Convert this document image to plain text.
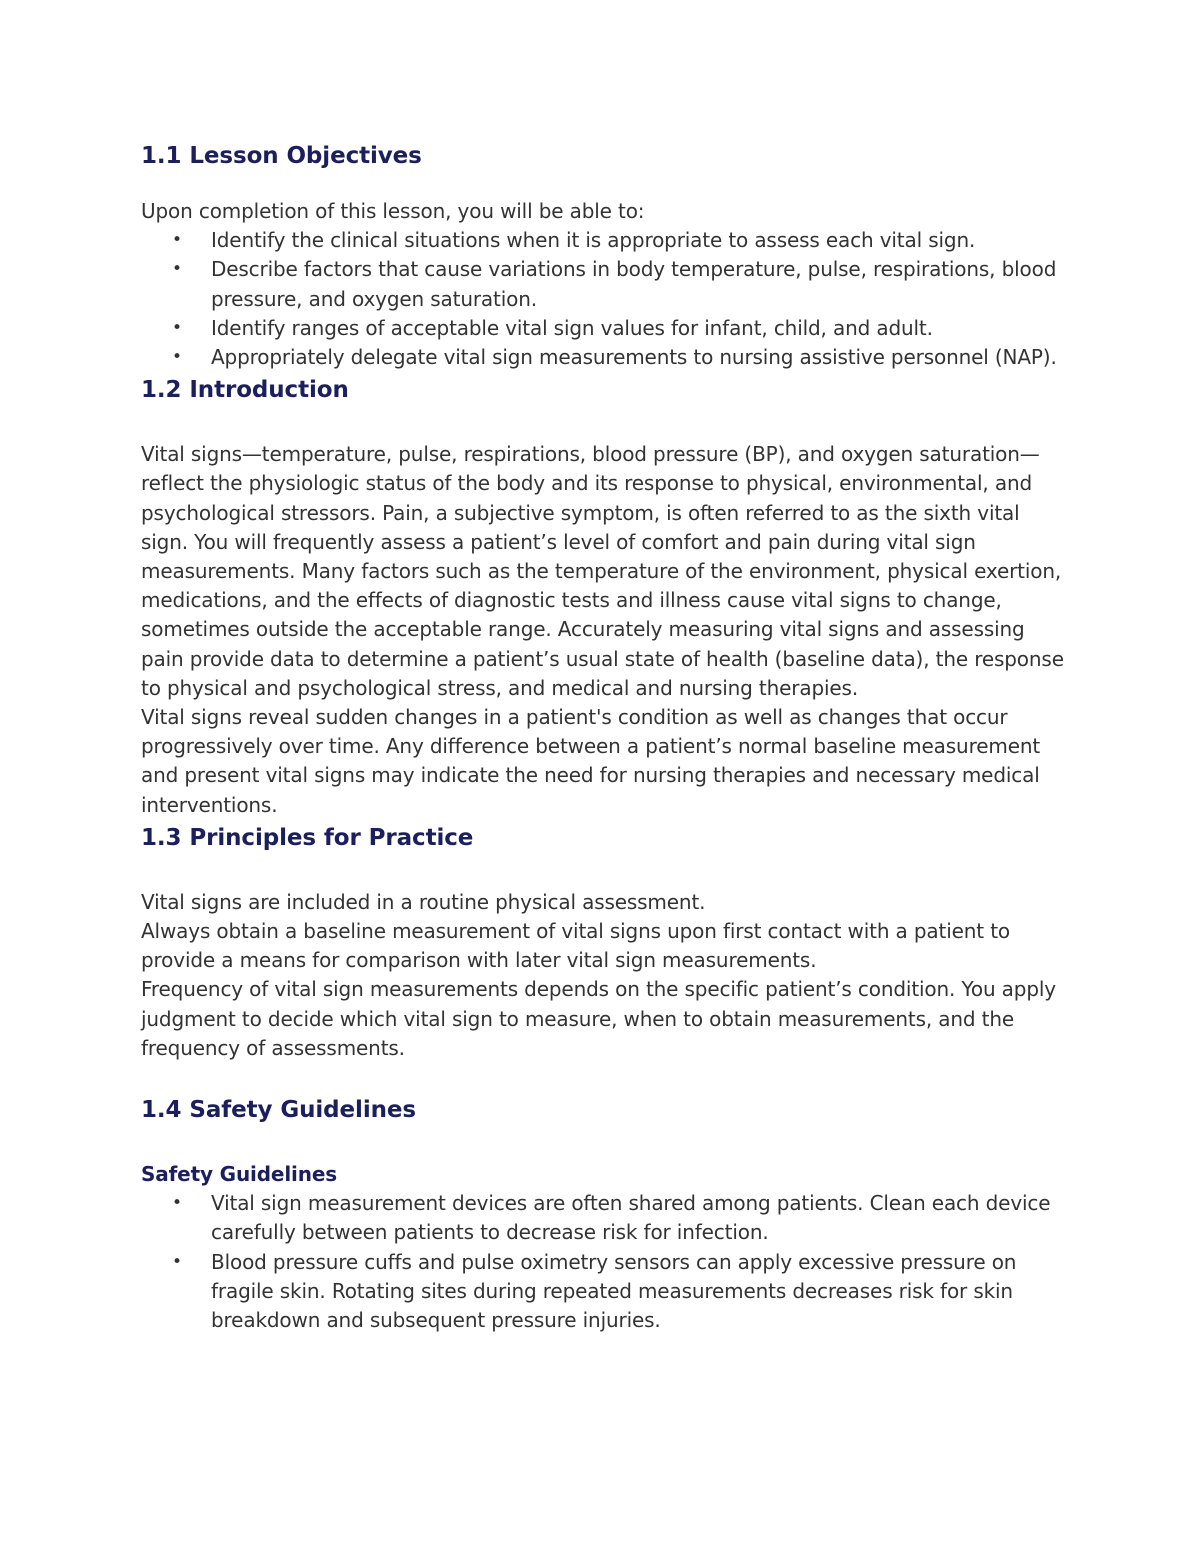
1.1 Lesson Objectives

Upon completion of this lesson, you will be able to:

• Identify the clinical situations when it is appropriate to assess each vital sign.
• Describe factors that cause variations in body temperature, pulse, respirations, blood pressure, and oxygen saturation.
• Identify ranges of acceptable vital sign values for infant, child, and adult.
• Appropriately delegate vital sign measurements to nursing assistive personnel (NAP).
1.2 Introduction

Vital signs—temperature, pulse, respirations, blood pressure (BP), and oxygen saturation—reflect the physiologic status of the body and its response to physical, environmental, and psychological stressors. Pain, a subjective symptom, is often referred to as the sixth vital sign. You will frequently assess a patient’s level of comfort and pain during vital sign measurements. Many factors such as the temperature of the environment, physical exertion, medications, and the effects of diagnostic tests and illness cause vital signs to change, sometimes outside the acceptable range. Accurately measuring vital signs and assessing pain provide data to determine a patient’s usual state of health (baseline data), the response to physical and psychological stress, and medical and nursing therapies.

Vital signs reveal sudden changes in a patient's condition as well as changes that occur progressively over time. Any difference between a patient’s normal baseline measurement and present vital signs may indicate the need for nursing therapies and necessary medical interventions.

1.3 Principles for Practice

Vital signs are included in a routine physical assessment.

Always obtain a baseline measurement of vital signs upon first contact with a patient to provide a means for comparison with later vital sign measurements.

Frequency of vital sign measurements depends on the specific patient’s condition. You apply judgment to decide which vital sign to measure, when to obtain measurements, and the frequency of assessments.

1.4 Safety Guidelines

Safety Guidelines

• Vital sign measurement devices are often shared among patients. Clean each device carefully between patients to decrease risk for infection.
• Blood pressure cuffs and pulse oximetry sensors can apply excessive pressure on fragile skin. Rotating sites during repeated measurements decreases risk for skin breakdown and subsequent pressure injuries.
